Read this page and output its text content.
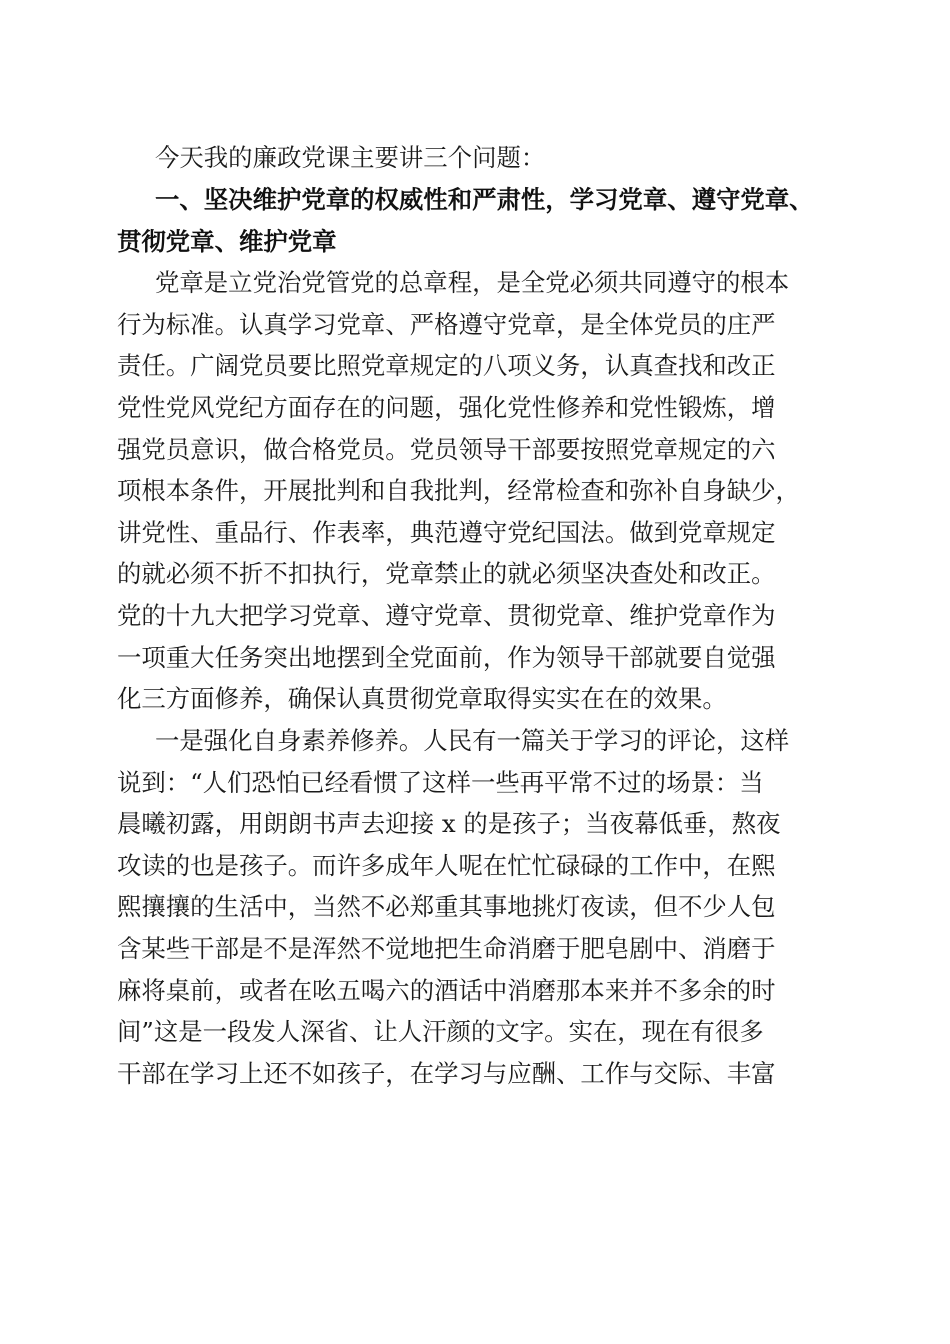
今天我的廉政党课主要讲三个问题：
一、坚决维护党章的权威性和严肃性，学习党章、遵守党章、
贯彻党章、维护党章
党章是立党治党管党的总章程，是全党必须共同遵守的根本
行为标准。认真学习党章、严格遵守党章，是全体党员的庄严
责任。广阔党员要比照党章规定的八项义务，认真查找和改正
党性党风党纪方面存在的问题，强化党性修养和党性锻炼，增
强党员意识，做合格党员。党员领导干部要按照党章规定的六
项根本条件，开展批判和自我批判，经常检查和弥补自身缺少，
讲党性、重品行、作表率，典范遵守党纪国法。做到党章规定
的就必须不折不扣执行，党章禁止的就必须坚决查处和改正。
党的十九大把学习党章、遵守党章、贯彻党章、维护党章作为
一项重大任务突出地摆到全党面前，作为领导干部就要自觉强
化三方面修养，确保认真贯彻党章取得实实在在的效果。
一是强化自身素养修养。人民有一篇关于学习的评论，这样
说到：“人们恐怕已经看惯了这样一些再平常不过的场景：当
晨曦初露，用朗朗书声去迎接 x 的是孩子；当夜幕低垂，熬夜
攻读的也是孩子。而许多成年人呢在忙忙碌碌的工作中，在熙
熙攘攘的生活中，当然不必郑重其事地挑灯夜读，但不少人包
含某些干部是不是浑然不觉地把生命消磨于肥皂剧中、消磨于
麻将桌前，或者在吆五喝六的酒话中消磨那本来并不多余的时
间”这是一段发人深省、让人汗颜的文字。实在，现在有很多
干部在学习上还不如孩子，在学习与应酬、工作与交际、丰富
